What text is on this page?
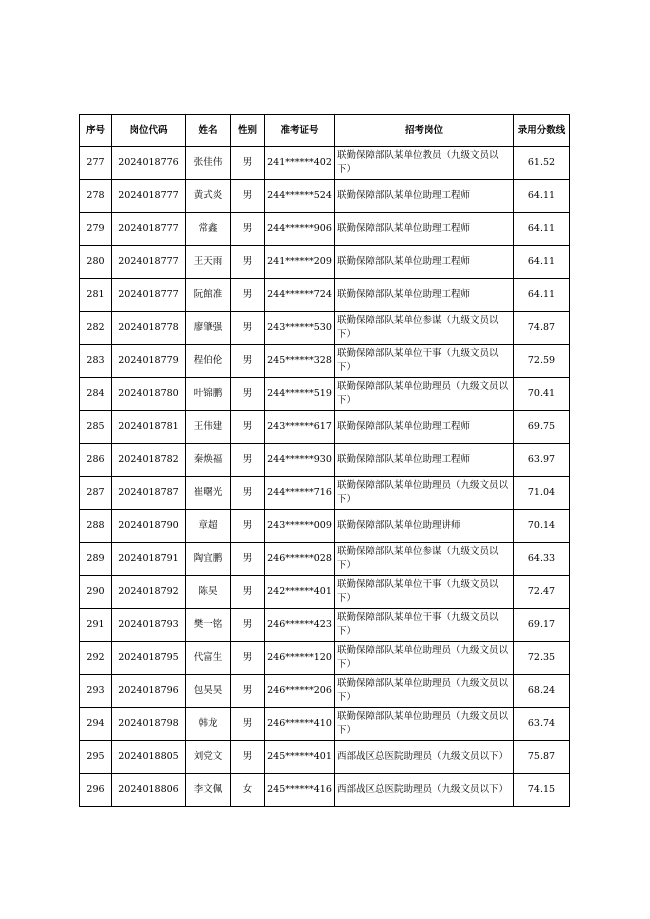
序号	岗位代码	姓名	性别	准考证号	招考岗位	录用分数线
277	2024018776	张佳伟	男	241******402	联勤保障部队某单位教员（九级文员以下）	61.52
278	2024018777	黄式炎	男	244******524	联勤保障部队某单位助理工程师	64.11
279	2024018777	常鑫	男	244******906	联勤保障部队某单位助理工程师	64.11
280	2024018777	王天雨	男	241******209	联勤保障部队某单位助理工程师	64.11
281	2024018777	阮館准	男	244******724	联勤保障部队某单位助理工程师	64.11
282	2024018778	廖肇强	男	243******530	联勤保障部队某单位参谋（九级文员以下）	74.87
283	2024018779	程伯伦	男	245******328	联勤保障部队某单位干事（九级文员以下）	72.59
284	2024018780	叶锦鹏	男	244******519	联勤保障部队某单位助理员（九级文员以下）	70.41
285	2024018781	王伟建	男	243******617	联勤保障部队某单位助理工程师	69.75
286	2024018782	秦焕福	男	244******930	联勤保障部队某单位助理工程师	63.97
287	2024018787	崔曙光	男	244******716	联勤保障部队某单位助理员（九级文员以下）	71.04
288	2024018790	章超	男	243******009	联勤保障部队某单位助理讲师	70.14
289	2024018791	陶宜鹏	男	246******028	联勤保障部队某单位参谋（九级文员以下）	64.33
290	2024018792	陈昊	男	242******401	联勤保障部队某单位干事（九级文员以下）	72.47
291	2024018793	樊一铭	男	246******423	联勤保障部队某单位干事（九级文员以下）	69.17
292	2024018795	代富生	男	246******120	联勤保障部队某单位助理员（九级文员以下）	72.35
293	2024018796	包昊昊	男	246******206	联勤保障部队某单位助理员（九级文员以下）	68.24
294	2024018798	韩龙	男	246******410	联勤保障部队某单位助理员（九级文员以下）	63.74
295	2024018805	刘党文	男	245******401	西部战区总医院助理员（九级文员以下）	75.87
296	2024018806	李文佩	女	245******416	西部战区总医院助理员（九级文员以下）	74.15
